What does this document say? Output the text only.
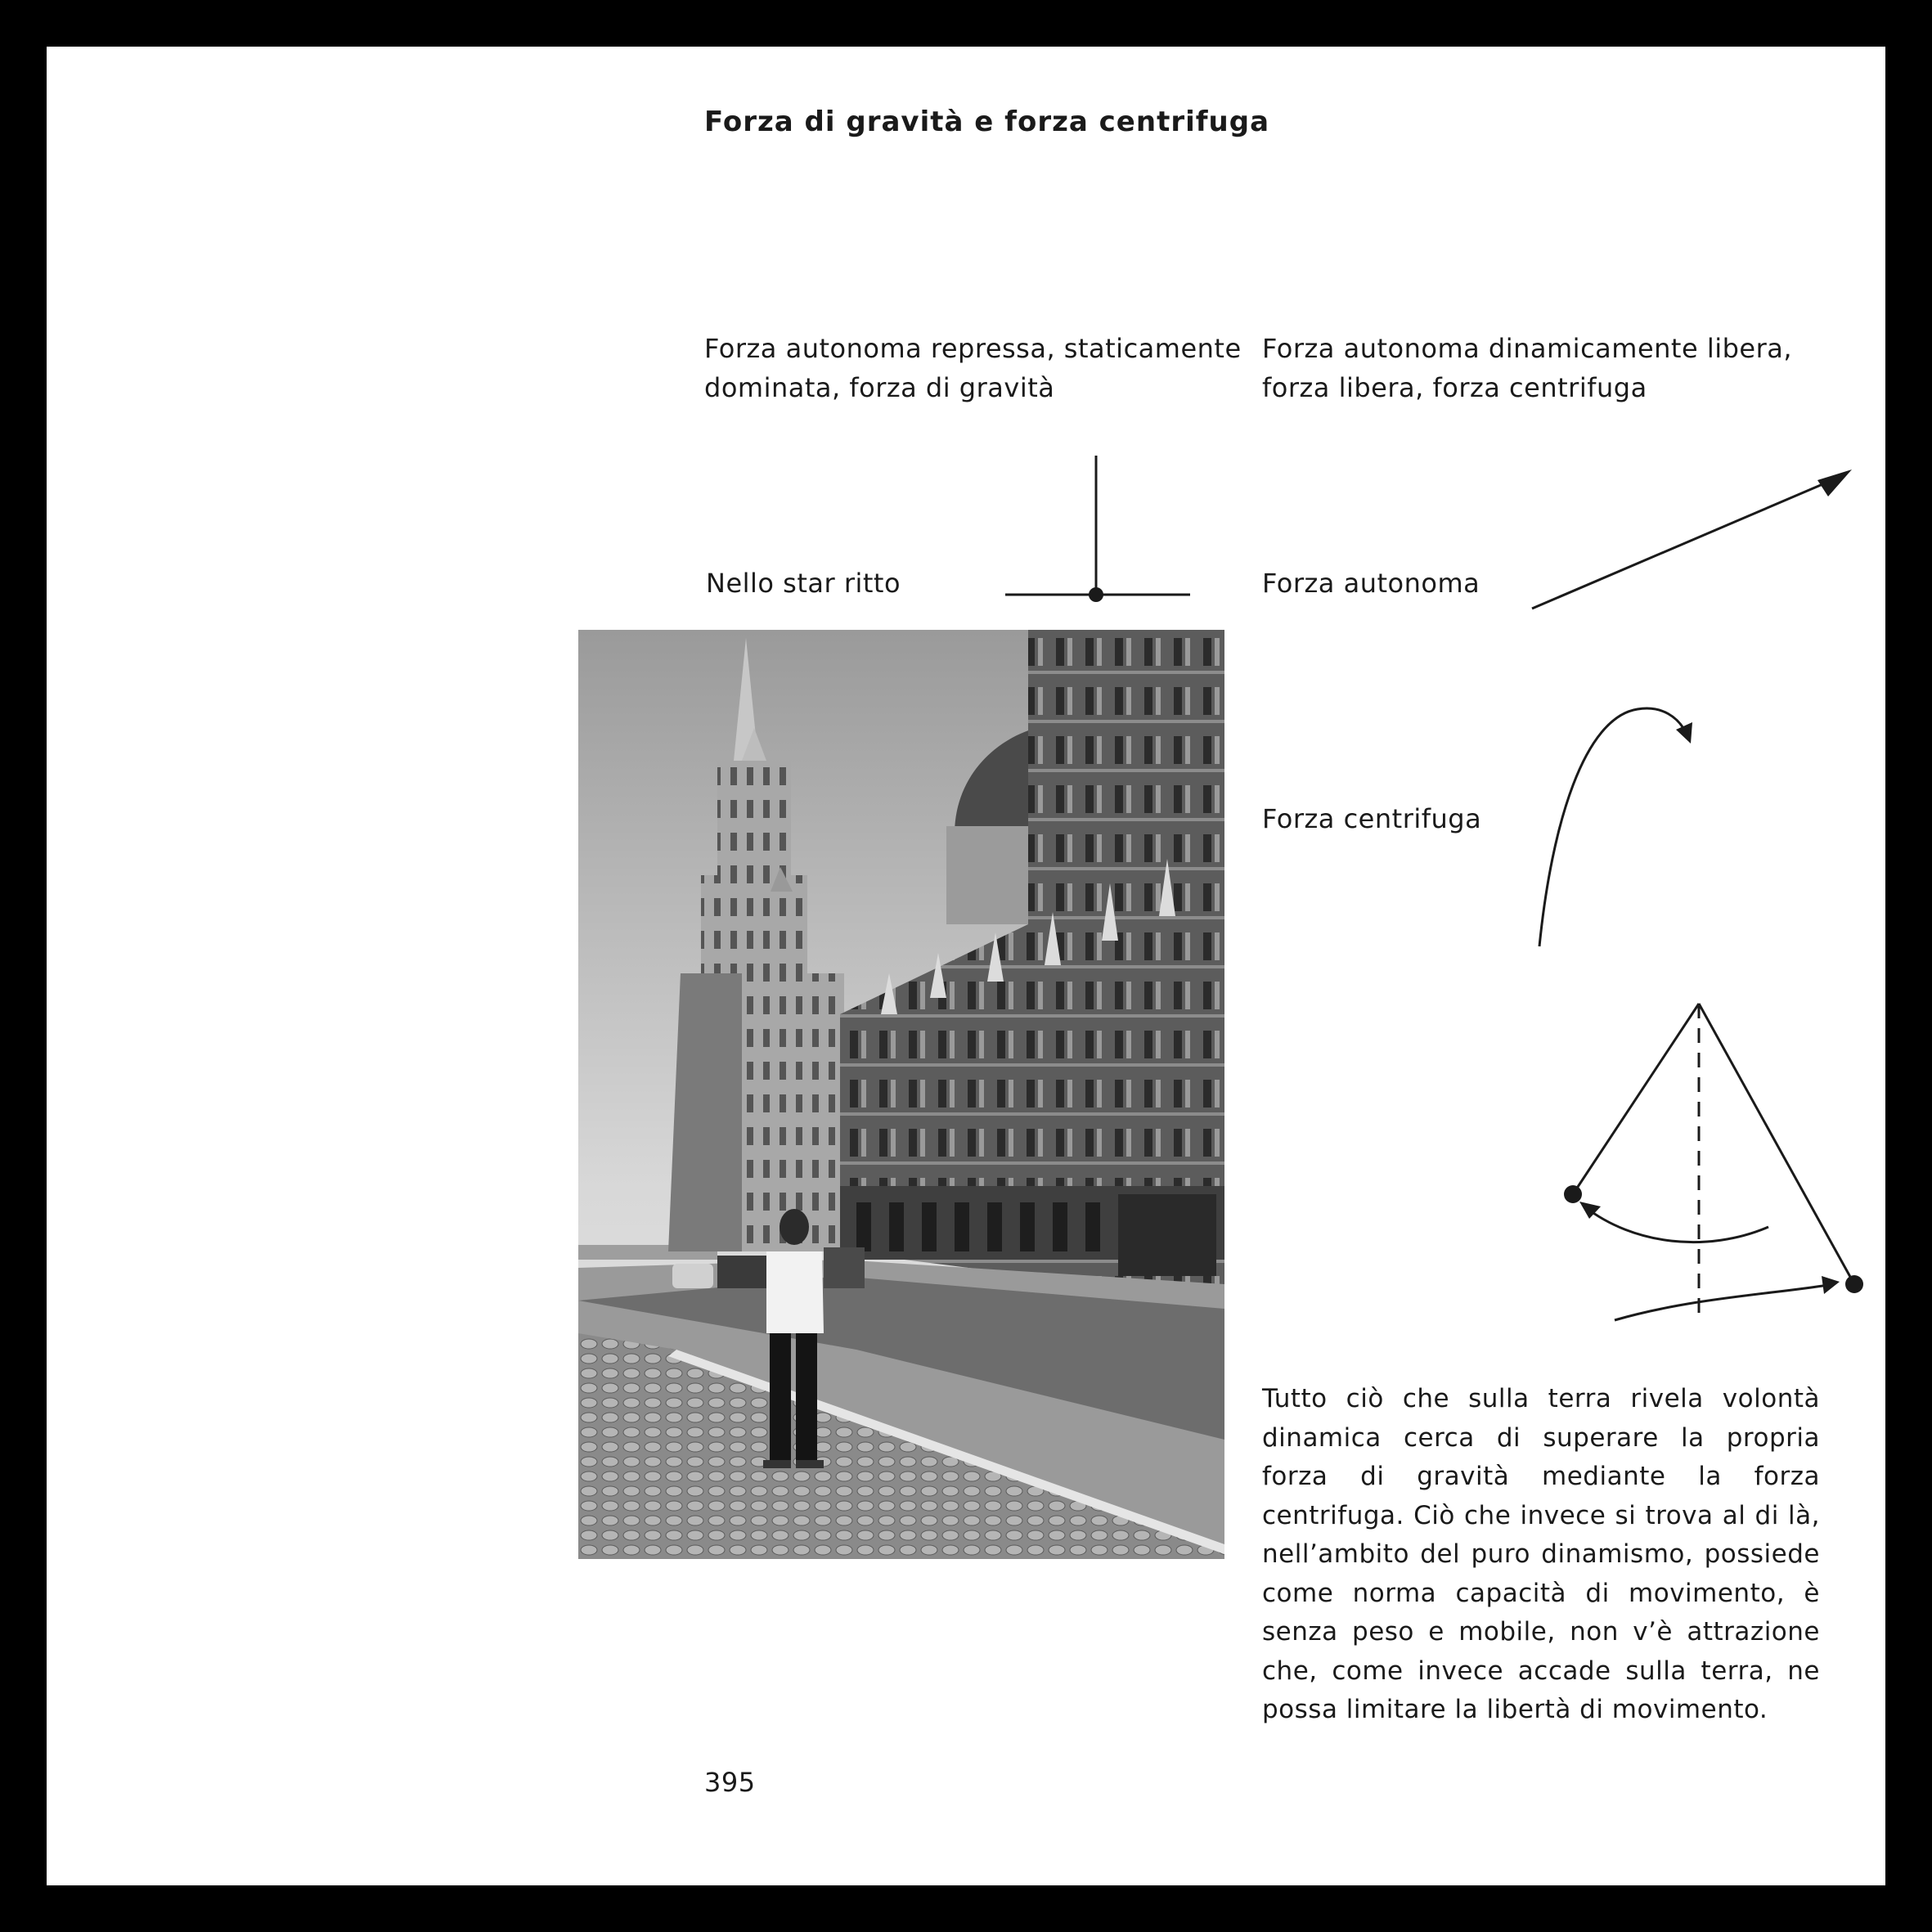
Forza di gravità e forza centrifuga

Forza autonoma repressa, staticamente dominata, forza di gravità

Forza autonoma dinamicamente libera, forza libera, forza centrifuga

Nello star ritto	Forza autonoma

Forza centrifuga

Tutto ciò che sulla terra rivela volontà dinamica cerca di superare la propria forza di gravità mediante la forza centrifuga. Ciò che invece si trova al di là, nell’ambito del puro dinamismo, possiede come norma capacità di movimento, è senza peso e mobile, non v’è attrazione che, come invece accade sulla terra, ne possa limitare la libertà di movimento.

395
